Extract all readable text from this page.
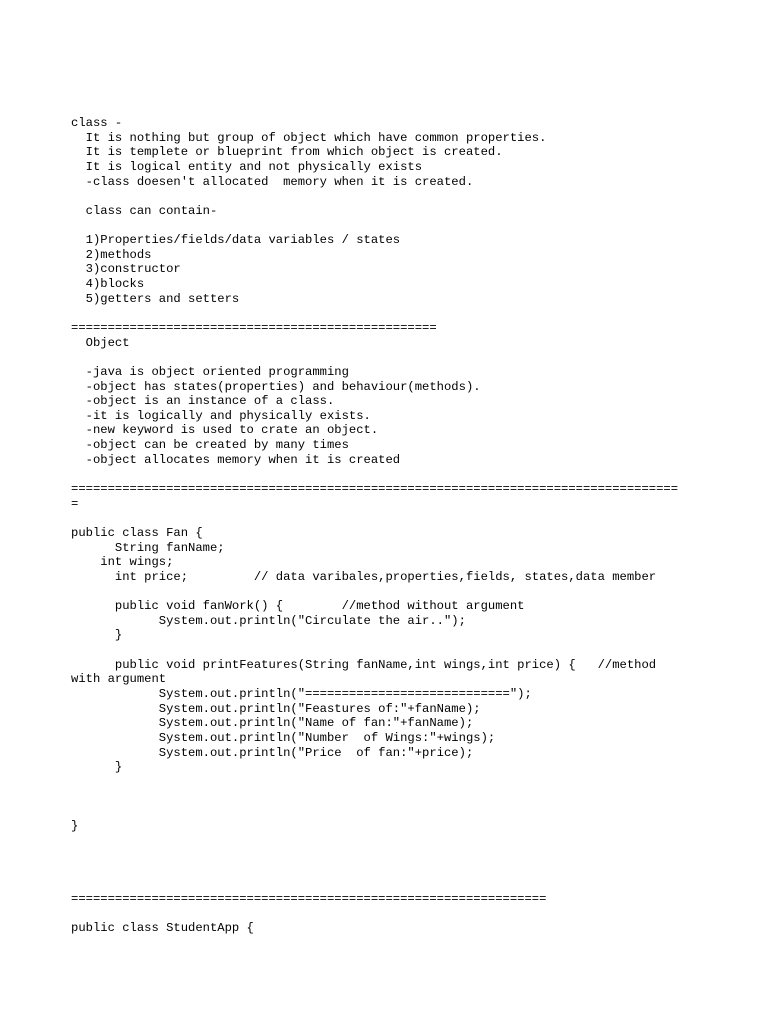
class -
It is nothing but group of object which have common properties.
It is templete or blueprint from which object is created.
It is logical entity and not physically exists
-class doesen't allocated  memory when it is created.
class can contain-
1)Properties/fields/data variables / states
2)methods
3)constructor
4)blocks
5)getters and setters
==================================================
Object
-java is object oriented programming
-object has states(properties) and behaviour(methods).
-object is an instance of a class.
-it is logically and physically exists.
-new keyword is used to crate an object.
-object can be created by many times
-object allocates memory when it is created
===================================================================================
=
public class Fan {
String fanName;
int wings;
int price;         // data varibales,properties,fields, states,data member
public void fanWork() {        //method without argument
System.out.println("Circulate the air..");
}
public void printFeatures(String fanName,int wings,int price) {   //method
with argument
System.out.println("============================");
System.out.println("Feastures of:"+fanName);
System.out.println("Name of fan:"+fanName);
System.out.println("Number  of Wings:"+wings);
System.out.println("Price  of fan:"+price);
}
}
=================================================================
public class StudentApp {
